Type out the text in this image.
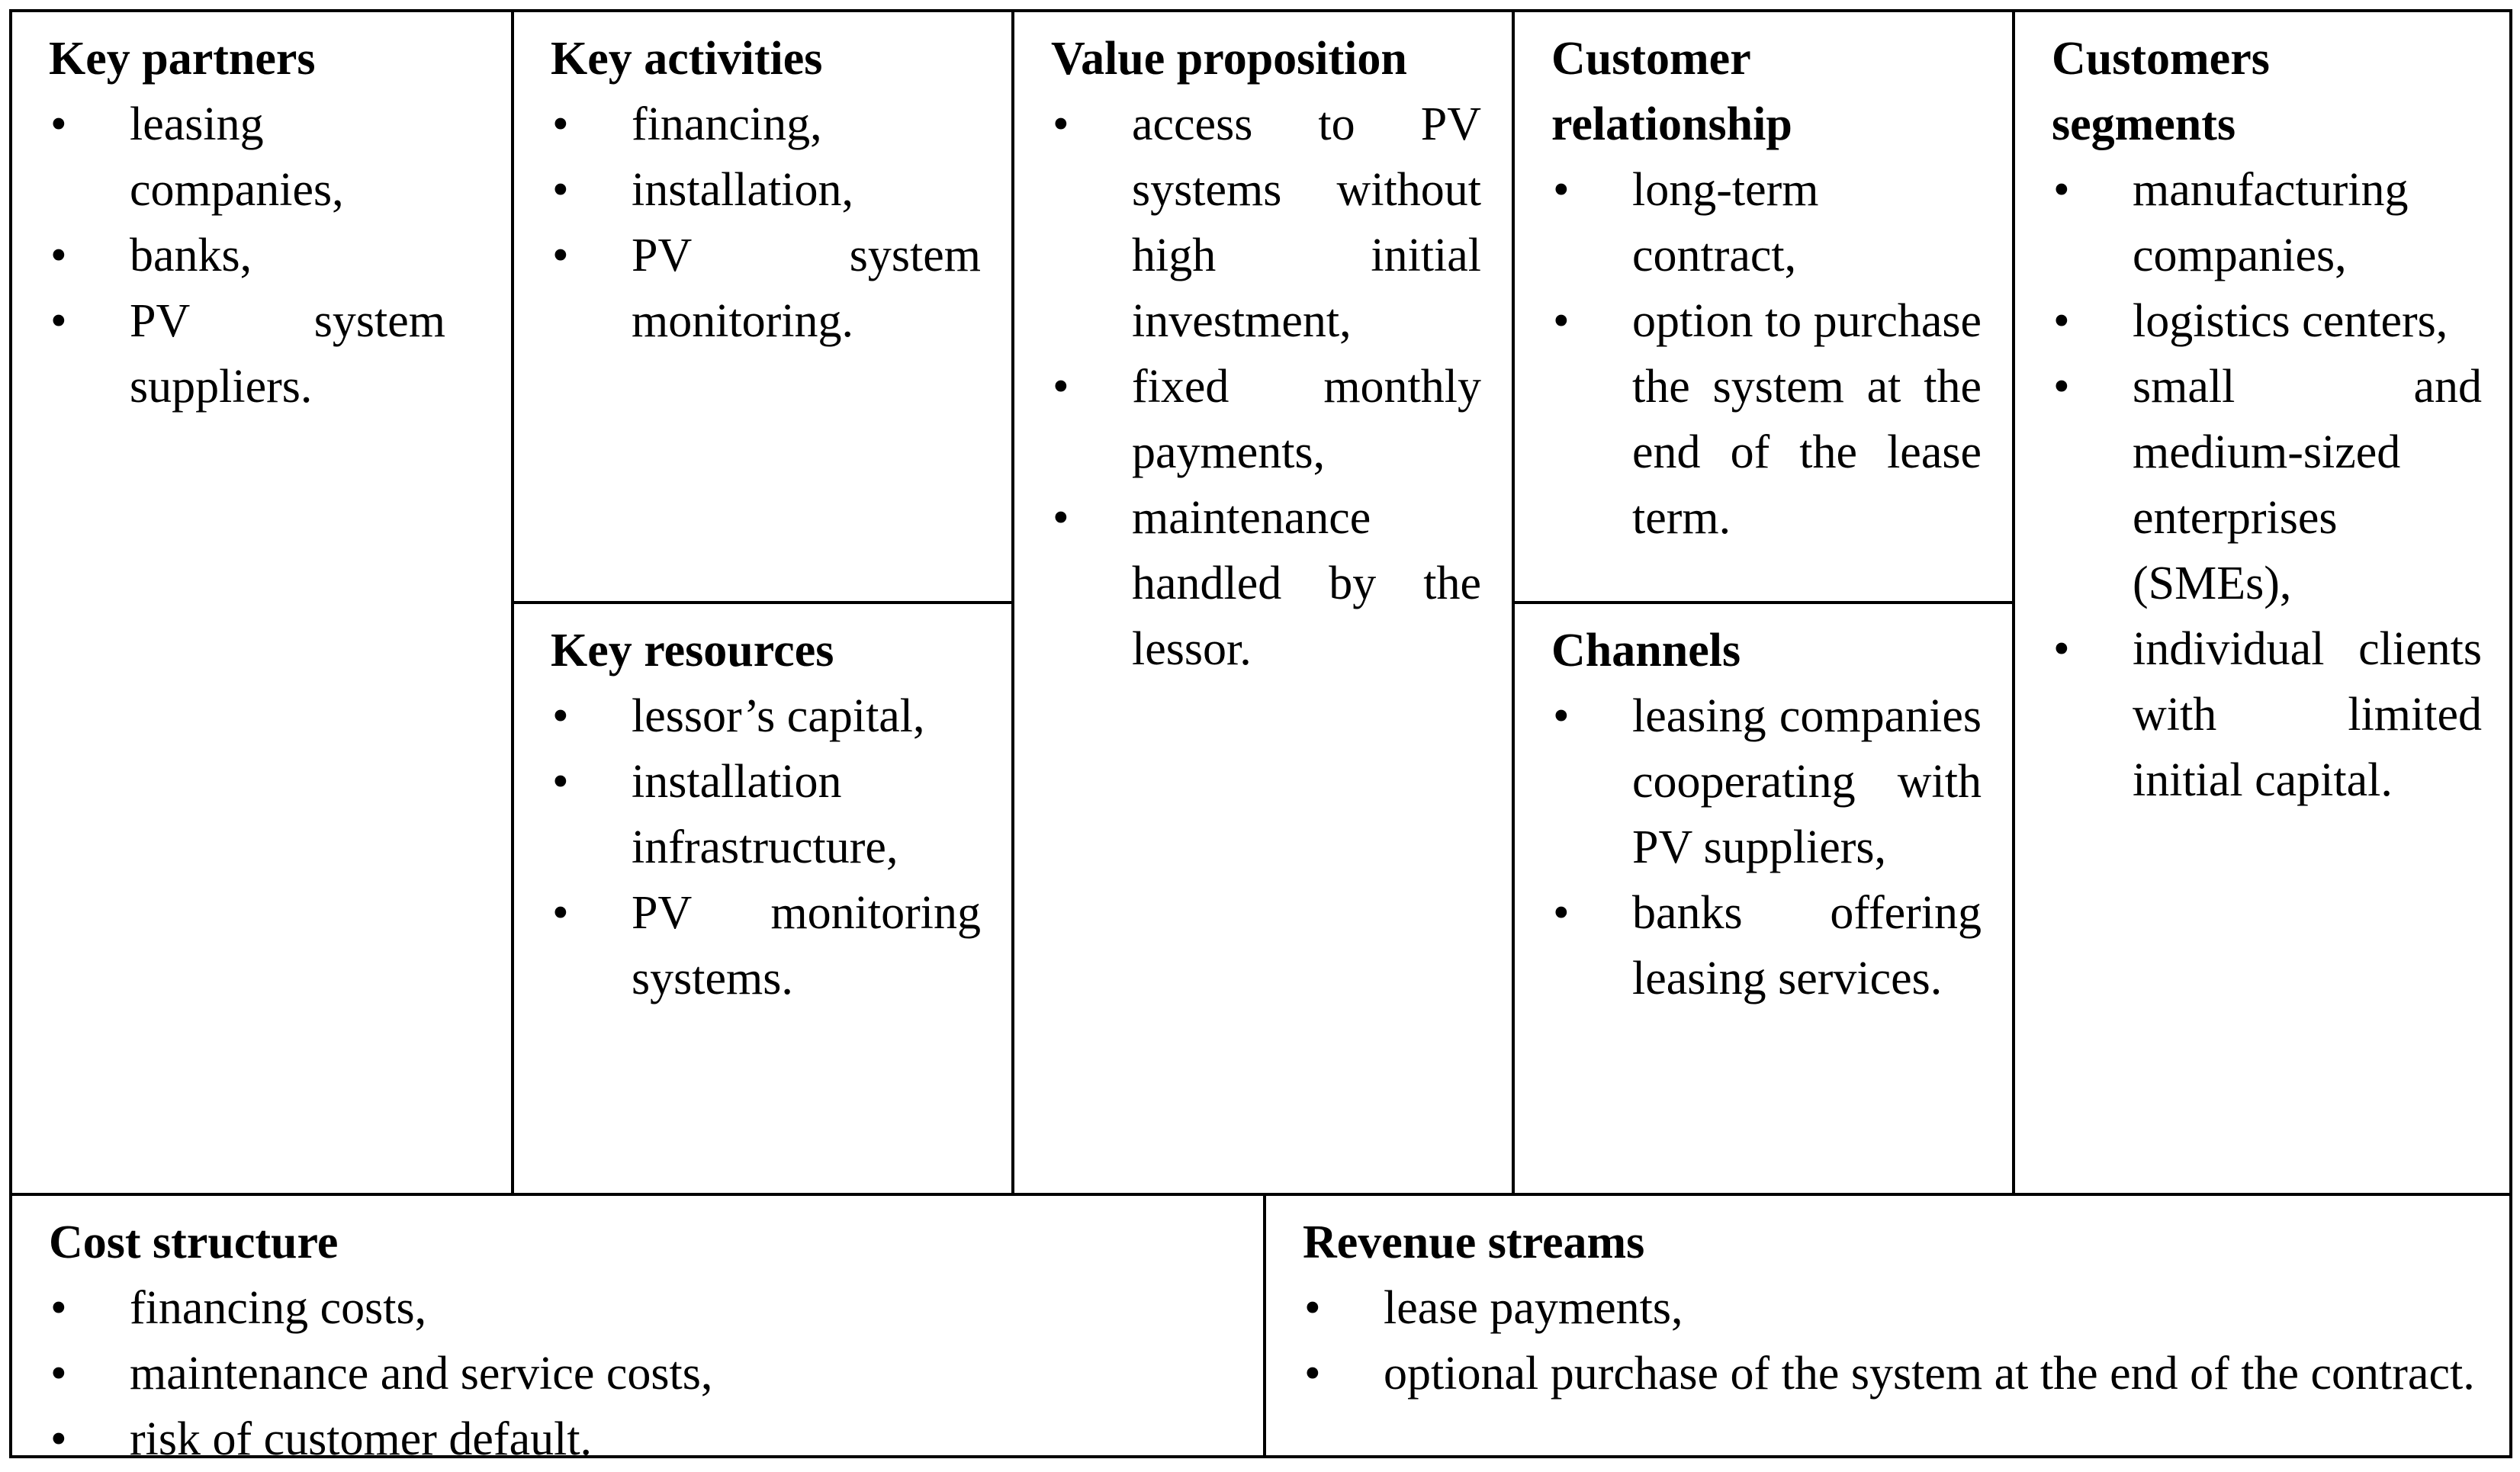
Key partners
• leasing companies,
• banks,
• PV system suppliers.
Key activities
• financing,
• installation,
• PV system monitoring.
Key resources
• lessor’s capital,
• installation infrastructure,
• PV monitoring systems.
Value proposition
• access to PV systems without high initial investment,
• fixed monthly payments,
• maintenance handled by the lessor.
Customer relationship
• long-term contract,
• option to purchase the system at the end of the lease term.
Channels
• leasing companies cooperating with PV suppliers,
• banks offering leasing services.
Customers segments
• manufacturing companies,
• logistics centers,
• small and medium-sized enterprises (SMEs),
• individual clients with limited initial capital.
Cost structure
• financing costs,
• maintenance and service costs,
• risk of customer default.
Revenue streams
• lease payments,
• optional purchase of the system at the end of the contract.
